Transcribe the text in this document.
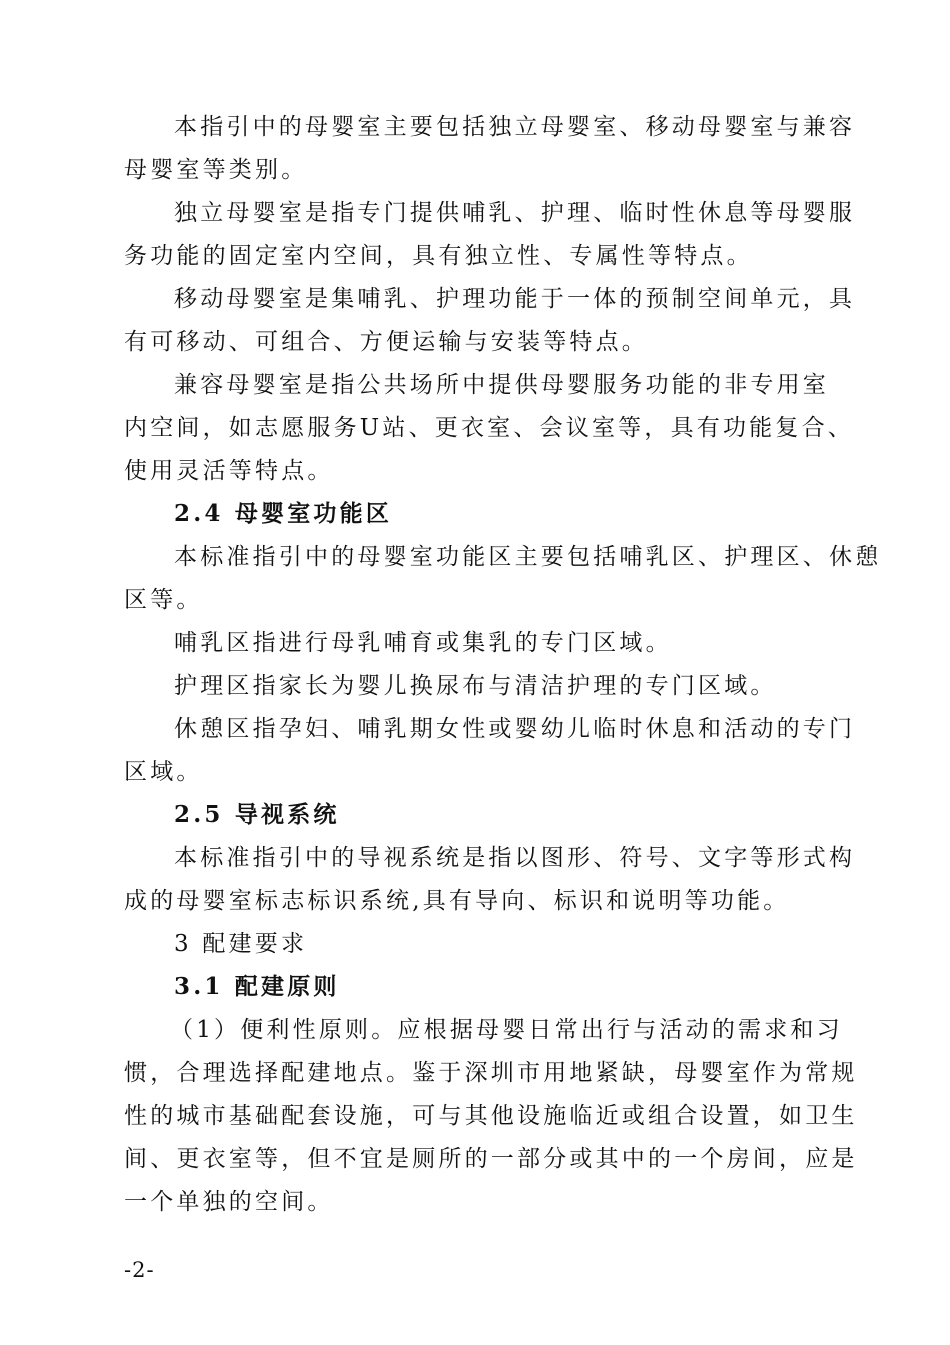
本指引中的母婴室主要包括独立母婴室、移动母婴室与兼容
母婴室等类别。
独立母婴室是指专门提供哺乳、护理、临时性休息等母婴服
务功能的固定室内空间，具有独立性、专属性等特点。
移动母婴室是集哺乳、护理功能于一体的预制空间单元，具
有可移动、可组合、方便运输与安装等特点。
兼容母婴室是指公共场所中提供母婴服务功能的非专用室
内空间，如志愿服务U站、更衣室、会议室等，具有功能复合、
使用灵活等特点。
2.4 母婴室功能区
本标准指引中的母婴室功能区主要包括哺乳区、护理区、休憩
区等。
哺乳区指进行母乳哺育或集乳的专门区域。
护理区指家长为婴儿换尿布与清洁护理的专门区域。
休憩区指孕妇、哺乳期女性或婴幼儿临时休息和活动的专门
区域。
2.5 导视系统
本标准指引中的导视系统是指以图形、符号、文字等形式构
成的母婴室标志标识系统,具有导向、标识和说明等功能。
3 配建要求
3.1 配建原则
（1）便利性原则。应根据母婴日常出行与活动的需求和习
惯，合理选择配建地点。鉴于深圳市用地紧缺，母婴室作为常规
性的城市基础配套设施，可与其他设施临近或组合设置，如卫生
间、更衣室等，但不宜是厕所的一部分或其中的一个房间，应是
一个单独的空间。
-2-
